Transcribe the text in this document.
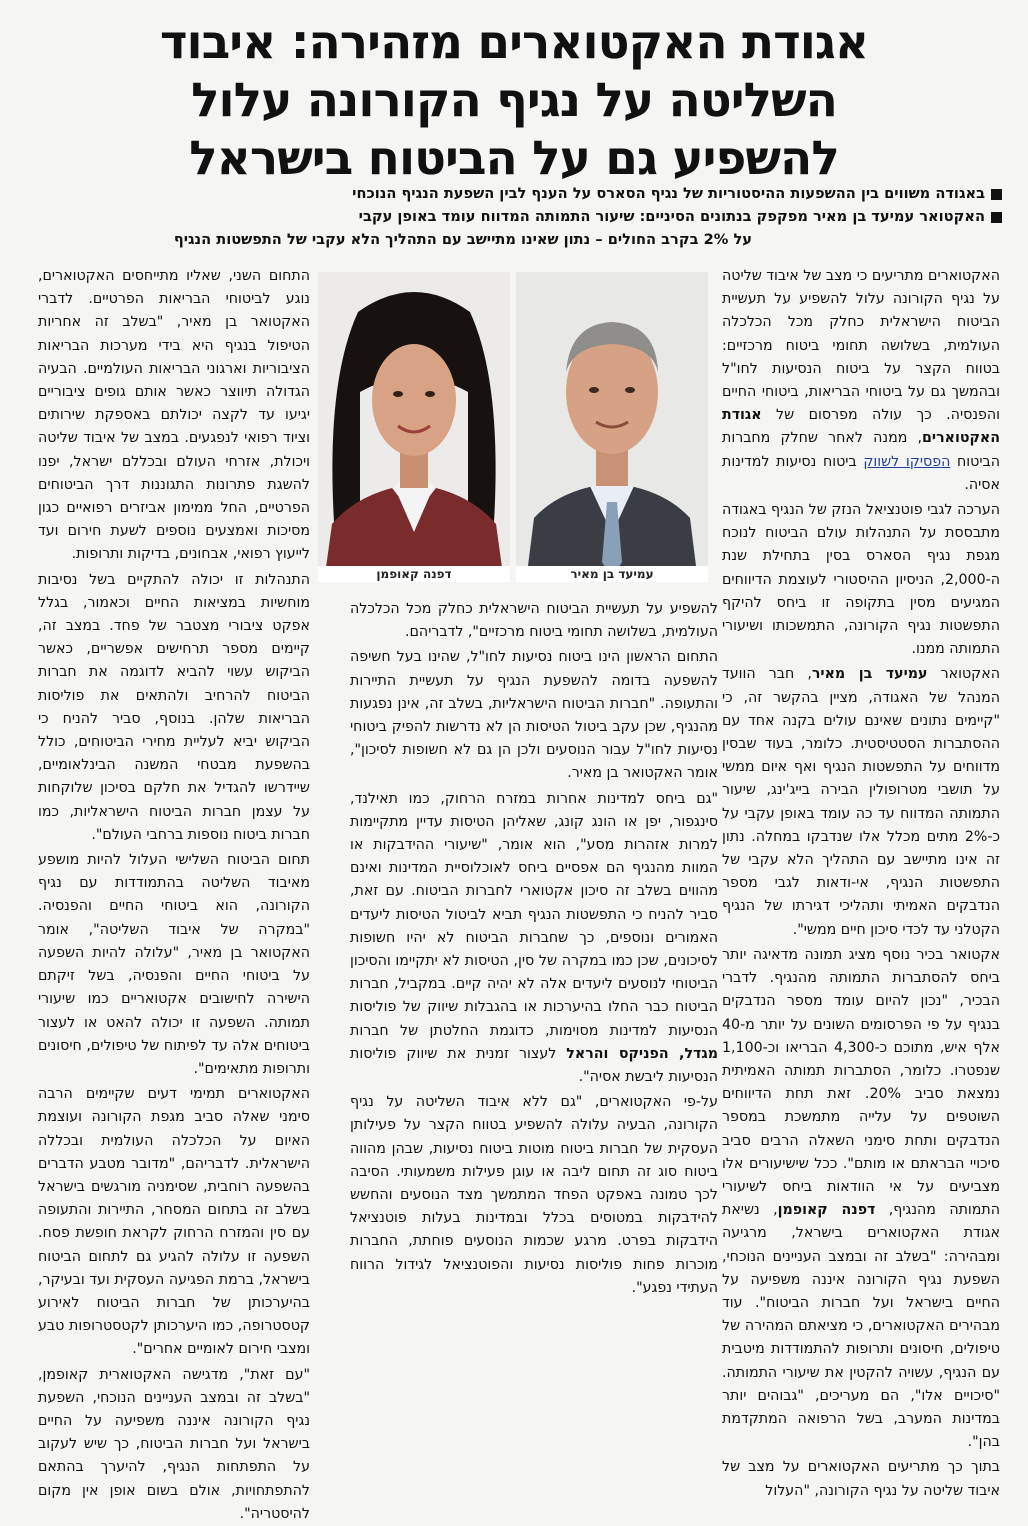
אגודת האקטוארים מזהירה: איבוד
השליטה על נגיף הקורונה עלול
להשפיע גם על הביטוח בישראל
באגודה משווים בין ההשפעות ההיסטוריות של נגיף הסארס על הענף לבין השפעת הנגיף הנוכחי
האקטואר עמיעד בן מאיר מפקפק בנתונים הסיניים: שיעור התמותה המדווח עומד באופן עקבי
על 2% בקרב החולים – נתון שאינו מתיישב עם התהליך הלא עקבי של התפשטות הנגיף
עמיעד בן מאיר
דפנה קאופמן

האקטוארים מתריעים כי מצב של איבוד שליטה על נגיף הקורונה עלול להשפיע על תעשיית הביטוח הישראלית כחלק מכל הכלכלה העולמית, בשלושה תחומי ביטוח מרכזיים: בטווח הקצר על ביטוח הנסיעות לחו"ל ובהמשך גם על ביטוחי הבריאות, ביטוחי החיים והפנסיה. כך עולה מפרסום של אגודת האקטוארים, ממנה לאחר שחלק מחברות הביטוח הפסיקו לשווק ביטוח נסיעות למדינות אסיה.

הערכה לגבי פוטנציאל הנזק של הנגיף באגודה מתבססת על התנהלות עולם הביטוח לנוכח מגפת נגיף הסארס בסין בתחילת שנת ה-2,000, הניסיון ההיסטורי לעוצמת הדיווחים המגיעים מסין בתקופה זו ביחס להיקף התפשטות נגיף הקורונה, התמשכותו ושיעורי התמותה ממנו.

האקטואר עמיעד בן מאיר, חבר הוועד המנהל של האגודה, מציין בהקשר זה, כי "קיימים נתונים שאינם עולים בקנה אחד עם ההסתברות הסטטיסטית. כלומר, בעוד שבסין מדווחים על התפשטות הנגיף ואף איום ממשי על תושבי מטרופולין הבירה בייג'ינג, שיעור התמותה המדווח עד כה עומד באופן עקבי על כ-2% מתים מכלל אלו שנדבקו במחלה. נתון זה אינו מתיישב עם התהליך הלא עקבי של התפשטות הנגיף, אי-ודאות לגבי מספר הנדבקים האמיתי ותהליכי דגירתו של הנגיף הקטלני עד לכדי סיכון חיים ממשי".

אקטואר בכיר נוסף מציג תמונה מדאיגה יותר ביחס להסתברות התמותה מהנגיף. לדברי הבכיר, "נכון להיום עומד מספר הנדבקים בנגיף על פי הפרסומים השונים על יותר מ-40 אלף איש, מתוכם כ-4,300 הבריאו וכ-1,100 שנפטרו. כלומר, הסתברות תמותה האמיתית נמצאת סביב 20%. זאת תחת הדיווחים השוטפים על עלייה מתמשכת במספר הנדבקים ותחת סימני השאלה הרבים סביב סיכויי הבראתם או מותם". ככל שישיעורים אלו מצביעים על אי הוודאות ביחס לשיעורי התמותה מהנגיף, דפנה קאופמן, נשיאת אגודת האקטוארים בישראל, מרגיעה ומבהירה: "בשלב זה ובמצב העניינים הנוכחי, השפעת נגיף הקורונה איננה משפיעה על החיים בישראל ועל חברות הביטוח". עוד מבהירים האקטוארים, כי מציאתם המהירה של טיפולים, חיסונים ותרופות להתמודדות מיטבית עם הנגיף, עשויה להקטין את שיעורי התמותה. "סיכויים אלו", הם מעריכים, "גבוהים יותר במדינות המערב, בשל הרפואה המתקדמת בהן".

בתוך כך מתריעים האקטוארים על מצב של איבוד שליטה על נגיף הקורונה, "העלול

להשפיע על תעשיית הביטוח הישראלית כחלק מכל הכלכלה העולמית, בשלושה תחומי ביטוח מרכזיים", לדבריהם.

התחום הראשון הינו ביטוח נסיעות לחו"ל, שהינו בעל חשיפה להשפעה בדומה להשפעת הנגיף על תעשיית התיירות והתעופה. "חברות הביטוח הישראליות, בשלב זה, אינן נפגעות מהנגיף, שכן עקב ביטול הטיסות הן לא נדרשות להפיק ביטוחי נסיעות לחו"ל עבור הנוסעים ולכן הן גם לא חשופות לסיכון", אומר האקטואר בן מאיר.

"גם ביחס למדינות אחרות במזרח הרחוק, כמו תאילנד, סינגפור, יפן או הונג קונג, שאליהן הטיסות עדיין מתקיימות למרות אזהרות מסע", הוא אומר, "שיעורי ההידבקות או המוות מהנגיף הם אפסיים ביחס לאוכלוסיית המדינות ואינם מהווים בשלב זה סיכון אקטוארי לחברות הביטוח. עם זאת, סביר להניח כי התפשטות הנגיף תביא לביטול הטיסות ליעדים האמורים ונוספים, כך שחברות הביטוח לא יהיו חשופות לסיכונים, שכן כמו במקרה של סין, הטיסות לא יתקיימו והסיכון הביטוחי לנוסעים ליעדים אלה לא יהיה קיים. במקביל, חברות הביטוח כבר החלו בהיערכות או בהגבלות שיווק של פוליסות הנסיעות למדינות מסוימות, כדוגמת החלטתן של חברות מגדל, הפניקס והראל לעצור זמנית את שיווק פוליסות הנסיעות ליבשת אסיה".

על-פי האקטוארים, "גם ללא איבוד השליטה על נגיף הקורונה, הבעיה עלולה להשפיע בטווח הקצר על פעילותן העסקית של חברות ביטוח מוטות ביטוח נסיעות, שבהן מהווה ביטוח סוג זה תחום ליבה או עוגן פעילות משמעותי. הסיבה לכך טמונה באפקט הפחד המתמשך מצד הנוסעים והחשש להידבקות במטוסים בכלל ובמדינות בעלות פוטנציאל הידבקות בפרט. מרגע שכמות הנוסעים פוחתת, החברות מוכרות פחות פוליסות נסיעות והפוטנציאל לגידול הרווח העתידי נפגע".

התחום השני, שאליו מתייחסים האקטוארים, נוגע לביטוחי הבריאות הפרטיים. לדברי האקטואר בן מאיר, "בשלב זה אחריות הטיפול בנגיף היא בידי מערכות הבריאות הציבוריות וארגוני הבריאות העולמיים. הבעיה הגדולה תיווצר כאשר אותם גופים ציבוריים יגיעו עד לקצה יכולתם באספקת שירותים וציוד רפואי לנפגעים. במצב של איבוד שליטה ויכולת, אזרחי העולם ובכללם ישראל, יפנו להשגת פתרונות התגוננות דרך הביטוחים הפרטיים, החל ממימון אביזרים רפואיים כגון מסיכות ואמצעים נוספים לשעת חירום ועד לייעוץ רפואי, אבחונים, בדיקות ותרופות.

התנהלות זו יכולה להתקיים בשל נסיבות מוחשיות במציאות החיים וכאמור, בגלל אפקט ציבורי מצטבר של פחד. במצב זה, קיימים מספר תרחישים אפשריים, כאשר הביקוש עשוי להביא לדוגמה את חברות הביטוח להרחיב ולהתאים את פוליסות הבריאות שלהן. בנוסף, סביר להניח כי הביקוש יביא לעליית מחירי הביטוחים, כולל בהשפעת מבטחי המשנה הבינלאומיים, שיידרשו להגדיל את חלקם בסיכון שלוקחות על עצמן חברות הביטוח הישראליות, כמו חברות ביטוח נוספות ברחבי העולם".

תחום הביטוח השלישי העלול להיות מושפע מאיבוד השליטה בהתמודדות עם נגיף הקורונה, הוא ביטוחי החיים והפנסיה. "במקרה של איבוד השליטה", אומר האקטואר בן מאיר, "עלולה להיות השפעה על ביטוחי החיים והפנסיה, בשל זיקתם הישירה לחישובים אקטואריים כמו שיעורי תמותה. השפעה זו יכולה להאט או לעצור ביטוחים אלה עד לפיתוח של טיפולים, חיסונים ותרופות מתאימים".

האקטוארים תמימי דעים שקיימים הרבה סימני שאלה סביב מגפת הקורונה ועוצמת האיום על הכלכלה העולמית ובכללה הישראלית. לדבריהם, "מדובר מטבע הדברים בהשפעה רוחבית, שסימניה מורגשים בישראל בשלב זה בתחום המסחר, התיירות והתעופה עם סין והמזרח הרחוק לקראת חופשת פסח. השפעה זו עלולה להגיע גם לתחום הביטוח בישראל, ברמת הפגיעה העסקית ועד ובעיקר, בהיערכותן של חברות הביטוח לאירוע קטסטרופה, כמו היערכותן לקטסטרופות טבע ומצבי חירום לאומיים אחרים".

"עם זאת", מדגישה האקטוארית קאופמן, "בשלב זה ובמצב העניינים הנוכחי, השפעת נגיף הקורונה איננה משפיעה על החיים בישראל ועל חברות הביטוח, כך שיש לעקוב על התפתחות הנגיף, להיערך בהתאם להתפתחויות, אולם בשום אופן אין מקום להיסטריה".
